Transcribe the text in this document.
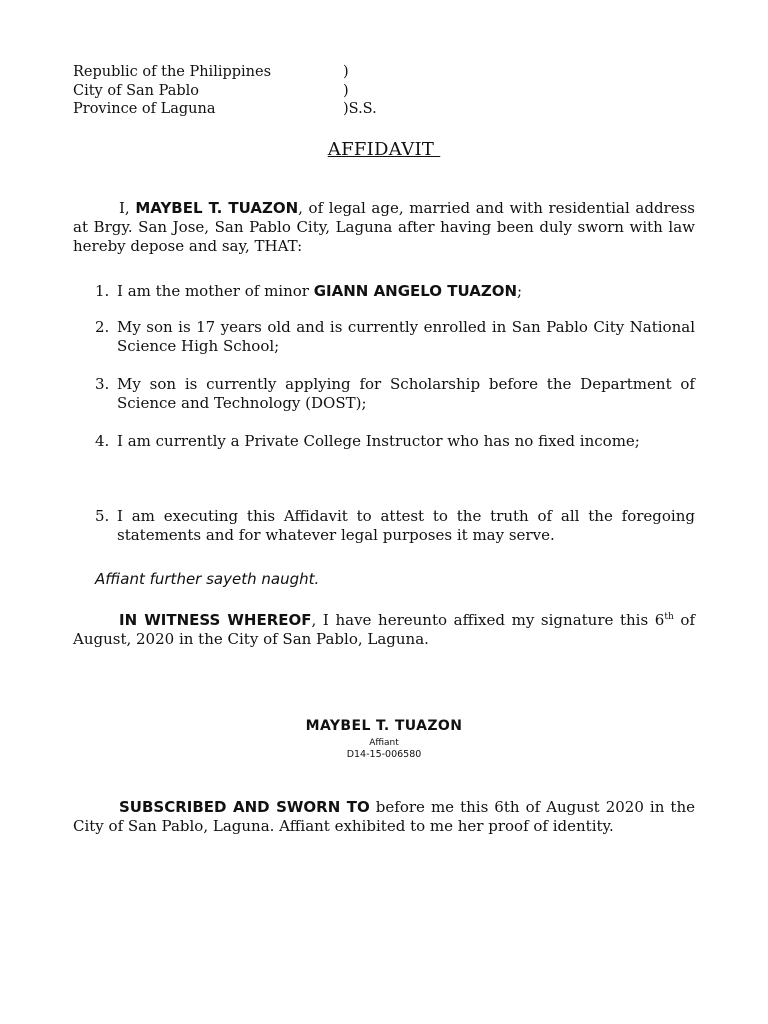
Republic of the Philippines	)
City of San Pablo	)
Province of Laguna	)S.S.
AFFIDAVIT
I, MAYBEL T. TUAZON, of legal age, married and with residential address at Brgy. San Jose, San Pablo City, Laguna after having been duly sworn with law hereby depose and say, THAT:
1. I am the mother of minor GIANN ANGELO TUAZON;
2. My son is 17 years old and is currently enrolled in San Pablo City National Science High School;
3. My son is currently applying for Scholarship before the Department of Science and Technology (DOST);
4. I am currently a Private College Instructor who has no fixed income;
5. I am executing this Affidavit to attest to the truth of all the foregoing statements and for whatever legal purposes it may serve.
Affiant further sayeth naught.
IN WITNESS WHEREOF, I have hereunto affixed my signature this 6th of August, 2020 in the City of San Pablo, Laguna.
MAYBEL T. TUAZON
Affiant
D14-15-006580
SUBSCRIBED AND SWORN TO before me this 6th of August 2020 in the City of San Pablo, Laguna. Affiant exhibited to me her proof of identity.
